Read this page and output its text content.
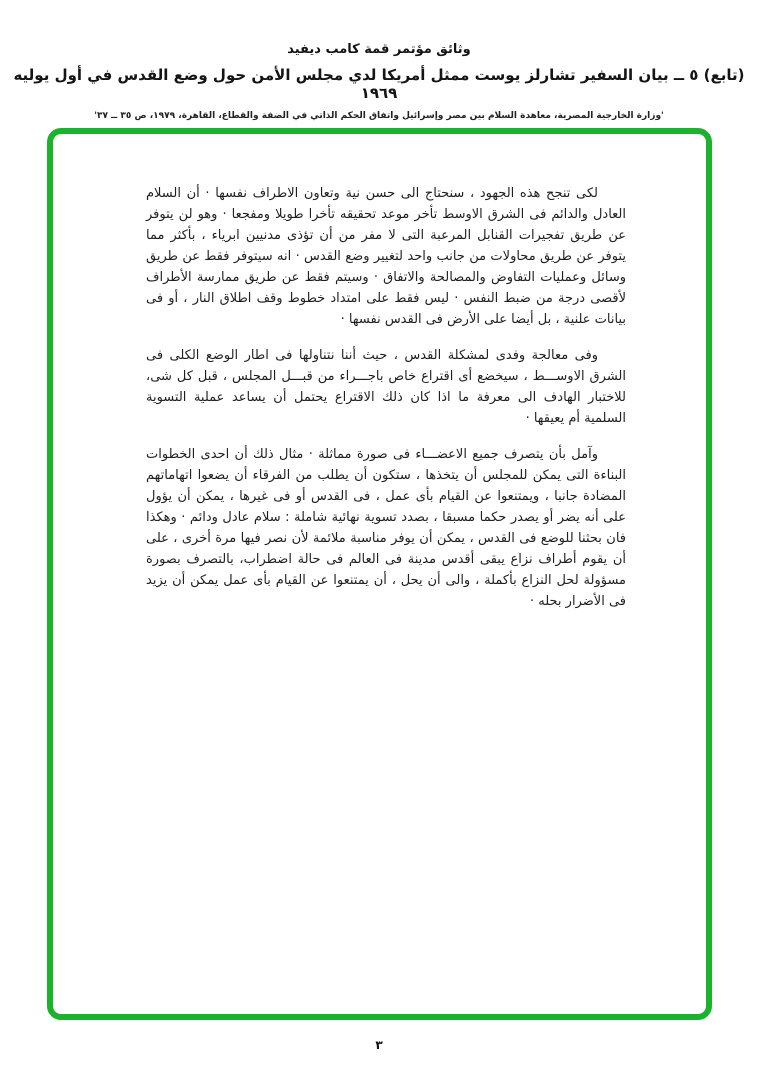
وثائق مؤتمر قمة كامب ديفيد
(تابع) ٥ ــ بيان السفير تشارلز يوست ممثل أمريكا لدي مجلس الأمن حول وضع القدس في أول يوليه ١٩٦٩
'وزارة الخارجية المصرية، معاهدة السلام بين مصر وإسرائيل واتفاق الحكم الذاتي في الضفة والقطاع، القاهرة، ١٩٧٩، ص ٣٥ ــ ٣٧'

لكى تنجح هذه الجهود ، سنحتاج الى حسن نية وتعاون الاطراف نفسها · أن السلام العادل والدائم فى الشرق الاوسط تأخر موعد تحقيقه تأخرا طويلا ومفجعا · وهو لن يتوفر عن طريق تفجيرات القنابل المرعبة التى لا مفر من أن تؤذى مدنيين ابرياء ، بأكثر مما يتوفر عن طريق محاولات من جانب واحد لتغيير وضع القدس · انه سيتوفر فقط عن طريق وسائل وعمليات التفاوض والمصالحة والاتفاق · وسيتم فقط عن طريق ممارسة الأطراف لأقصى درجة من ضبط النفس · ليس فقط على امتداد خطوط وقف اطلاق النار ، أو فى بيانات علنية ، بل أيضا على الأرض فى القدس نفسها ·

وفى معالجة وفدى لمشكلة القدس ، حيث أننا نتناولها فى اطار الوضع الكلى فى الشرق الاوســـط ، سيخضع أى اقتراع خاص باجـــراء من قبـــل المجلس ، قبل كل شى، للاختبار الهادف الى معرفة ما اذا كان ذلك الاقتراع يحتمل أن يساعد عملية التسوية السلمية أم يعيقها ·

وآمل بأن يتصرف جميع الاعضـــاء فى صورة مماثلة · مثال ذلك أن احدى الخطوات البناءة التى يمكن للمجلس أن يتخذها ، ستكون أن يطلب من الفرقاء أن يضعوا اتهاماتهم المضادة جانبا ، ويمتنعوا عن القيام بأى عمل ، فى القدس أو فى غيرها ، يمكن أن يؤول على أنه يضر أو يصدر حكما مسبقا ، بصدد تسوية نهائية شاملة : سلام عادل ودائم · وهكذا فان بحثنا للوضع فى القدس ، يمكن أن يوفر مناسبة ملائمة لأن نصر فيها مرة أخرى ، على أن يقوم أطراف نزاع يبقى أقدس مدينة فى العالم فى حالة اضطراب، بالتصرف بصورة مسؤولة لحل النزاع بأكملة ، والى أن يحل ، أن يمتنعوا عن القيام بأى عمل يمكن أن يزيد فى الأضرار بحله ·

٣
